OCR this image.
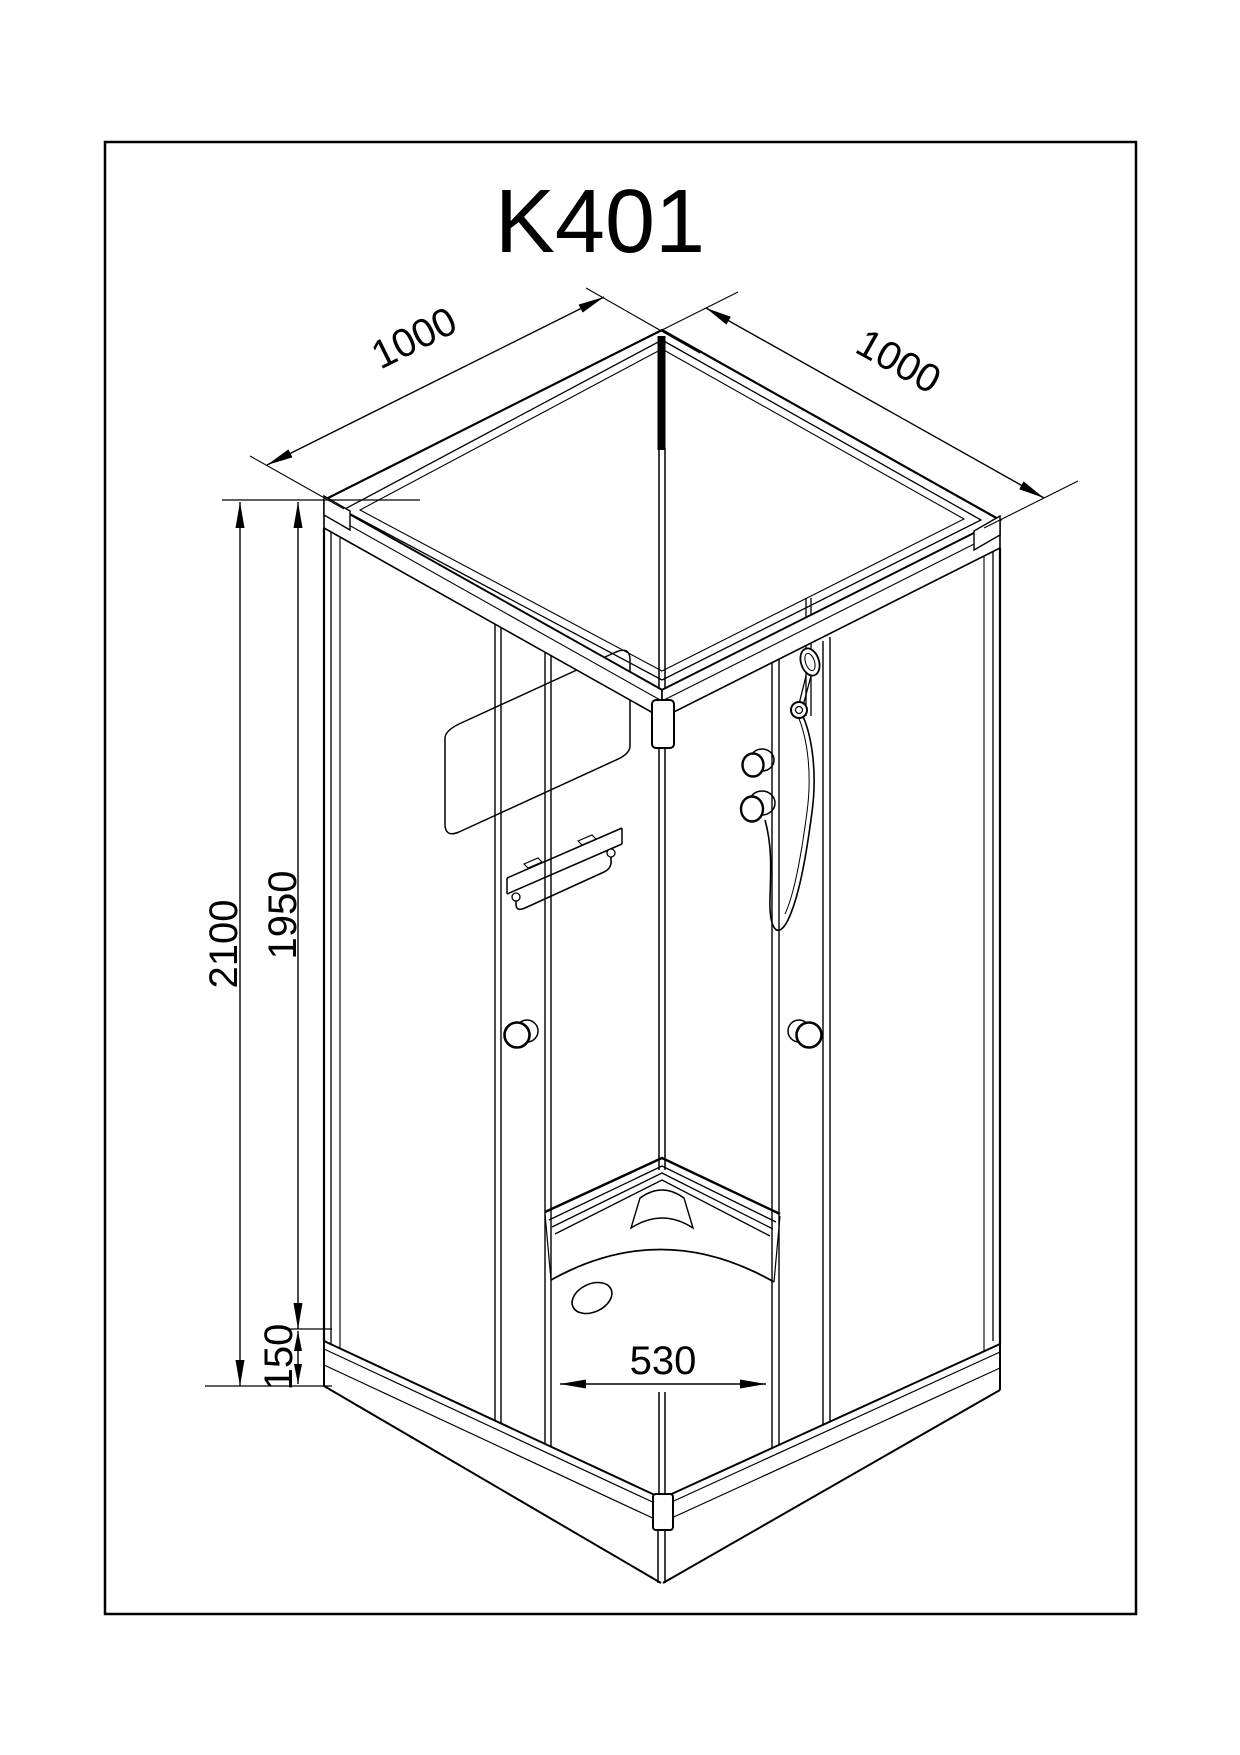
K401
1000	1000
2100 1950
150	530
